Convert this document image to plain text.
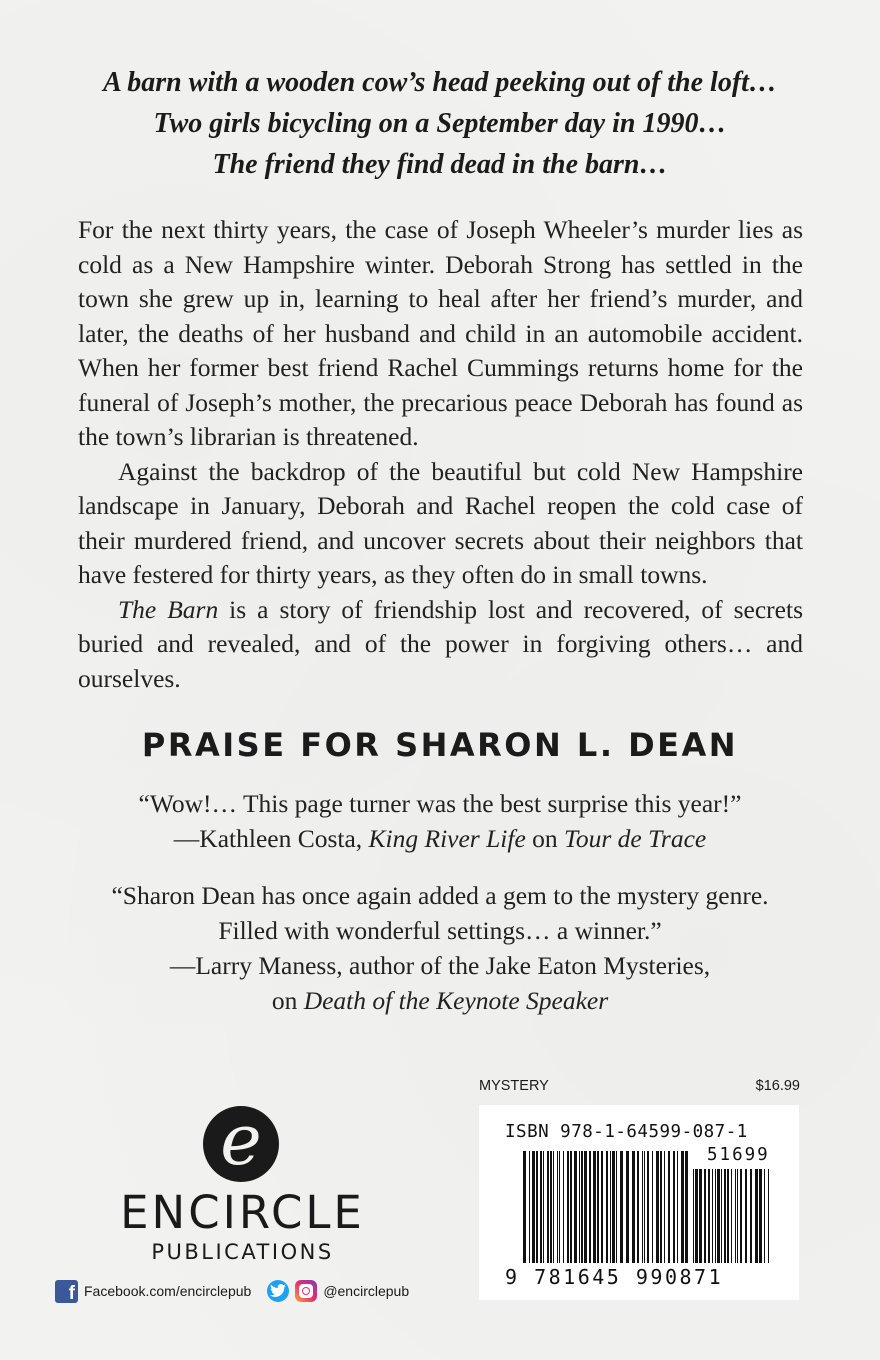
A barn with a wooden cow’s head peeking out of the loft…
Two girls bicycling on a September day in 1990…
The friend they find dead in the barn…

For the next thirty years, the case of Joseph Wheeler’s murder lies as cold as a New Hampshire winter. Deborah Strong has settled in the town she grew up in, learning to heal after her friend’s murder, and later, the deaths of her husband and child in an automobile accident. When her former best friend Rachel Cummings returns home for the funeral of Joseph’s mother, the precarious peace Deborah has found as the town’s librarian is threatened.

Against the backdrop of the beautiful but cold New Hampshire landscape in January, Deborah and Rachel reopen the cold case of their murdered friend, and uncover secrets about their neighbors that have festered for thirty years, as they often do in small towns.

The Barn is a story of friendship lost and recovered, of secrets buried and revealed, and of the power in forgiving others… and ourselves.

PRAISE FOR SHARON L. DEAN
“Wow!… This page turner was the best surprise this year!”
—Kathleen Costa, King River Life on Tour de Trace
“Sharon Dean has once again added a gem to the mystery genre.
Filled with wonderful settings… a winner.”
—Larry Maness, author of the Jake Eaton Mysteries,
on Death of the Keynote Speaker
e
ENCIRCLE
PUBLICATIONS
f Facebook.com/encirclepub	@encirclepub
MYSTERY	$16.99
ISBN 978-1-64599-087-1
51699
9 781645 990871
